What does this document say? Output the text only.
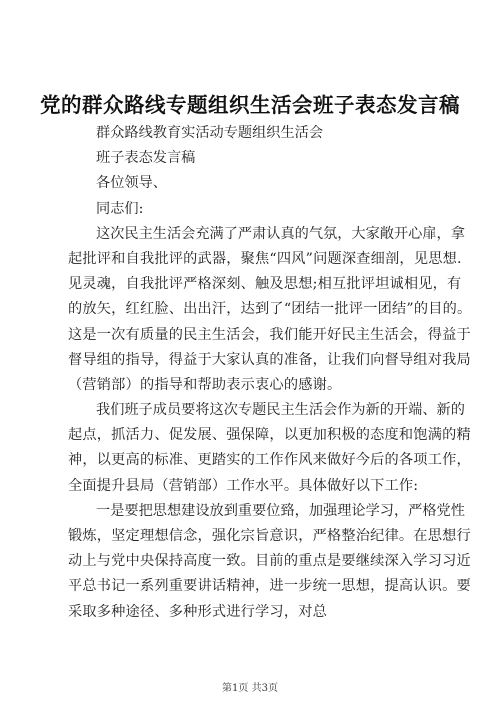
党的群众路线专题组织生活会班子表态发言稿

群众路线教育实活动专题组织生活会

班子表态发言稿

各位领导、

同志们:

这次民主生活会充满了严肃认真的气氛，大家敞开心扉，拿

起批评和自我批评的武器，聚焦“四风”问题深查细剖，见思想.

见灵魂，自我批评严格深刻、触及思想;相互批评坦诚相见，有

的放矢，红红脸、出出汗，达到了“团结一批评一团结”的目的。

这是一次有质量的民主生活会，我们能开好民主生活会，得益于

督导组的指导，得益于大家认真的准备，让我们向督导组对我局

（营销部）的指导和帮助表示衷心的感谢。

我们班子成员要将这次专题民主生活会作为新的开端、新的

起点，抓活力、促发展、强保障，以更加积极的态度和饱满的精

神，以更高的标准、更踏实的工作作风来做好今后的各项工作，

全面提升县局（营销部）工作水平。具体做好以下工作:

一是要把思想建设放到重要位臵，加强理论学习，严格党性

锻炼，坚定理想信念，强化宗旨意识，严格整治纪律。在思想行

动上与党中央保持高度一致。目前的重点是要继续深入学习习近

平总书记一系列重要讲话精神，进一步统一思想，提高认识。要

采取多种途径、多种形式进行学习，对总

第1页 共3页
